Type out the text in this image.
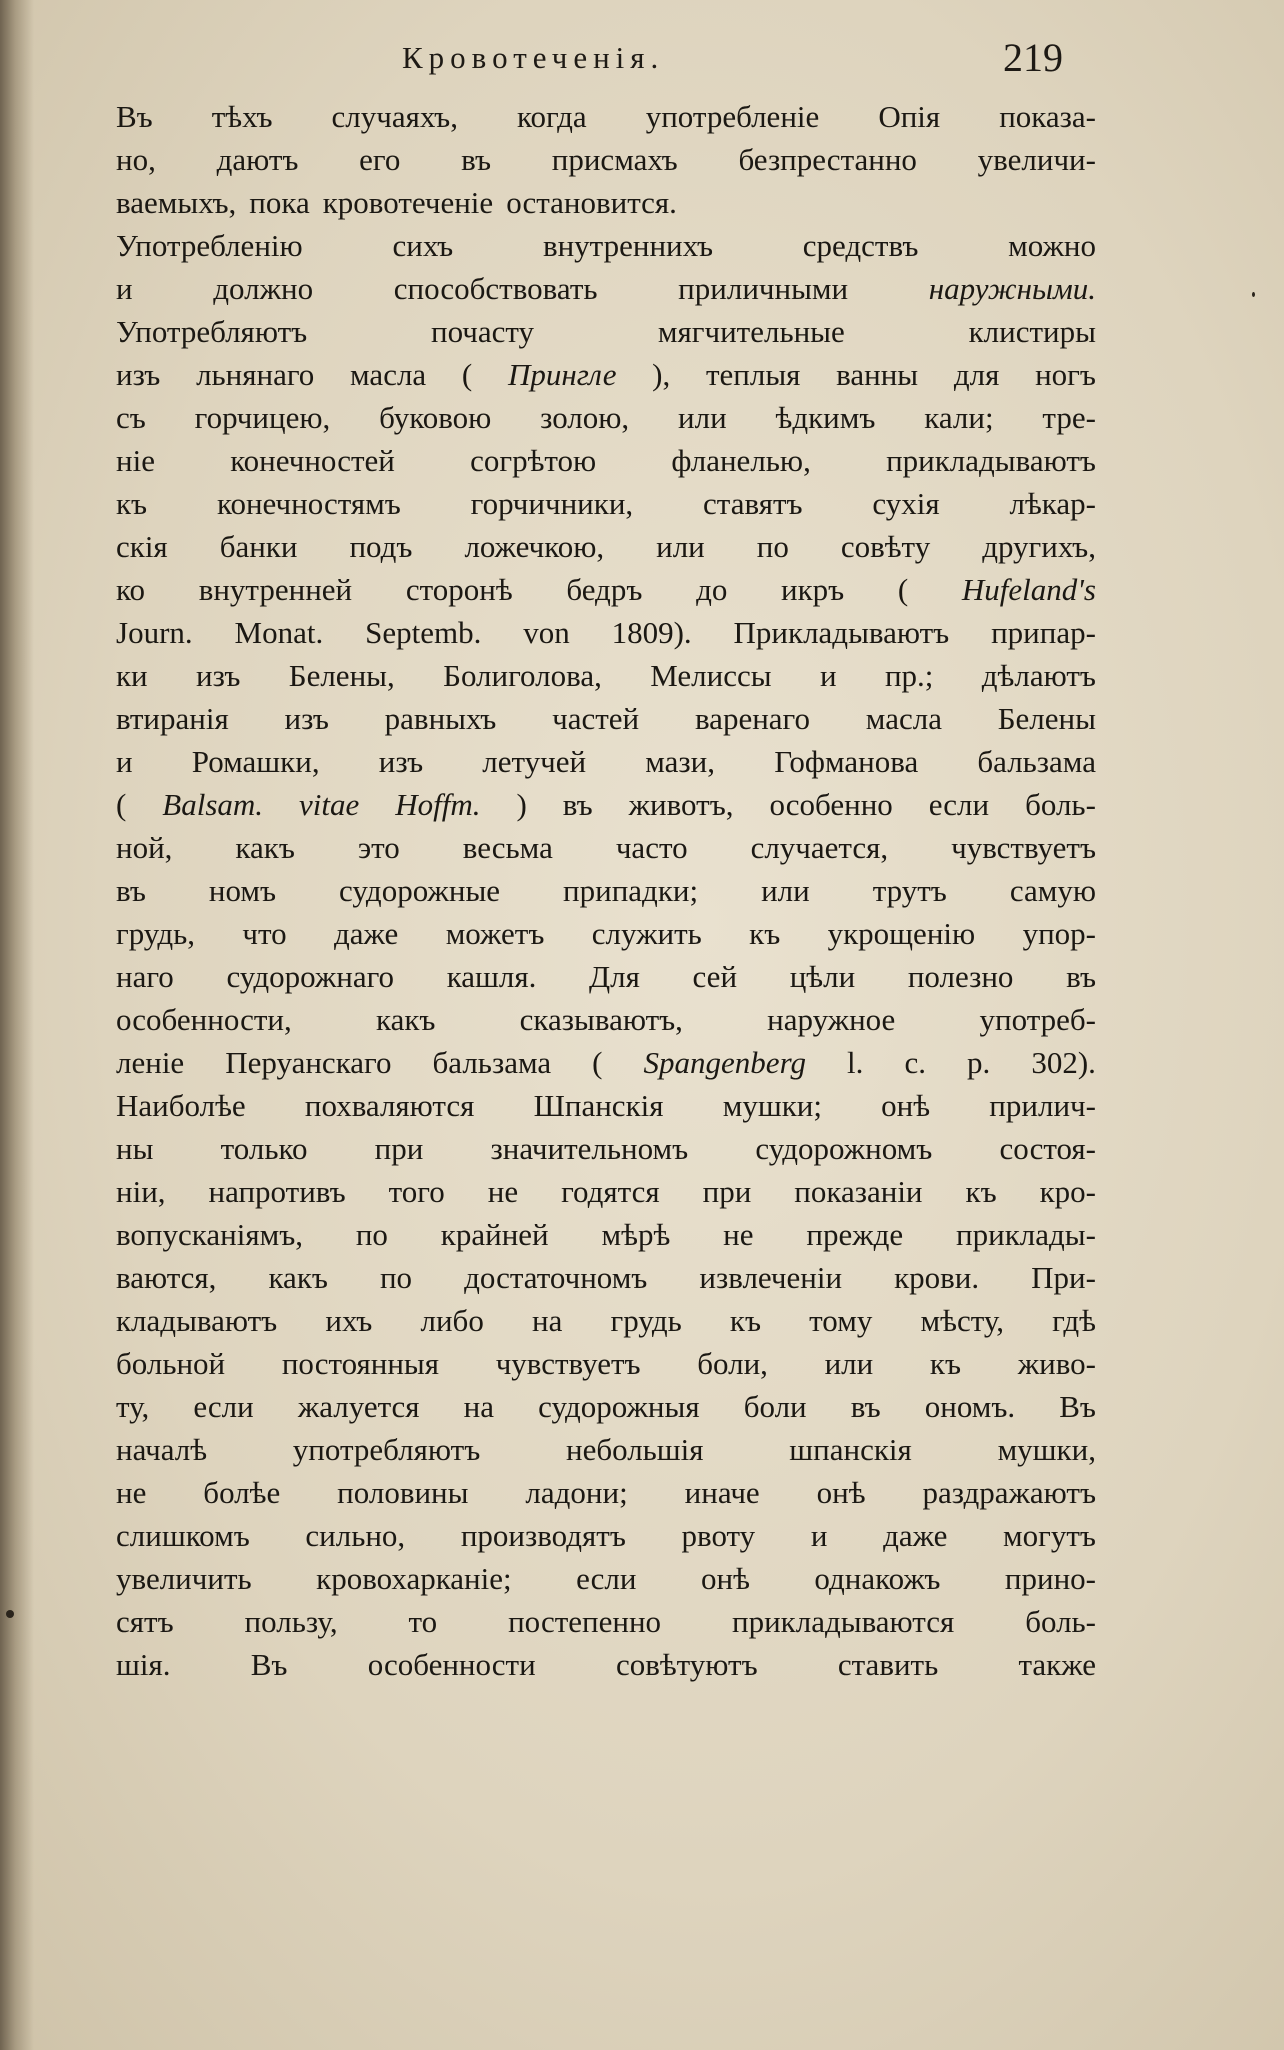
Кровотеченія.	219
Въ тѣхъ случаяхъ, когда употребленіе Опія показа-
но, даютъ его въ присмахъ безпрестанно увеличи-
ваемыхъ, пока кровотеченіе остановится.
Употребленію	сихъ	внутреннихъ	средствъ	можно
и	должно	способствовать	приличными	наружными.
Употребляютъ	почасту	мягчительные	клистиры
изъ льнянаго масла ( Прингле ), теплыя ванны для ногъ
съ горчицею, буковою золою, или ѣдкимъ кали; тре-
ніе конечностей согрѣтою фланелью, прикладываютъ
къ конечностямъ горчичники, ставятъ сухія лѣкар-
скія банки подъ ложечкою, или по совѣту другихъ,
ко внутренней сторонѣ бедръ до икръ ( Hufeland's
Journ. Monat. Septemb. von 1809). Прикладываютъ припар-
ки изъ Белены, Болиголова, Мелиссы и пр.; дѣлаютъ
втиранія изъ равныхъ частей варенаго масла Белены
и Ромашки, изъ летучей мази, Гофманова бальзама
( Balsam. vitae Hoffm. ) въ животъ, особенно если боль-
ной, какъ это весьма часто случается, чувствуетъ
въ номъ судорожные припадки; или трутъ самую
грудь, что даже можетъ служить къ укрощенію упор-
наго судорожнаго кашля. Для сей цѣли полезно въ
особенности,	какъ	сказываютъ,	наружное	употреб-
леніе Перуанскаго бальзама ( Spangenberg l. c. p. 302).
Наиболѣе похваляются Шпанскія мушки; онѣ прилич-
ны только при значительномъ судорожномъ состоя-
ніи, напротивъ того не годятся при показаніи къ кро-
вопусканіямъ, по крайней мѣрѣ не прежде приклады-
ваются, какъ по достаточномъ извлеченіи крови. При-
кладываютъ ихъ либо на грудь къ тому мѣсту, гдѣ
больной постоянныя чувствуетъ боли, или къ живо-
ту, если жалуется на судорожныя боли въ ономъ. Въ
началѣ	употребляютъ	небольшія	шпанскія	мушки,
не болѣе половины ладони; иначе онѣ раздражаютъ
слишкомъ сильно, производятъ рвоту и даже могутъ
увеличить кровохарканіе; если онѣ однакожъ прино-
сятъ пользу, то постепенно прикладываются боль-
шія.	Въ	особенности	совѣтуютъ	ставить	также
